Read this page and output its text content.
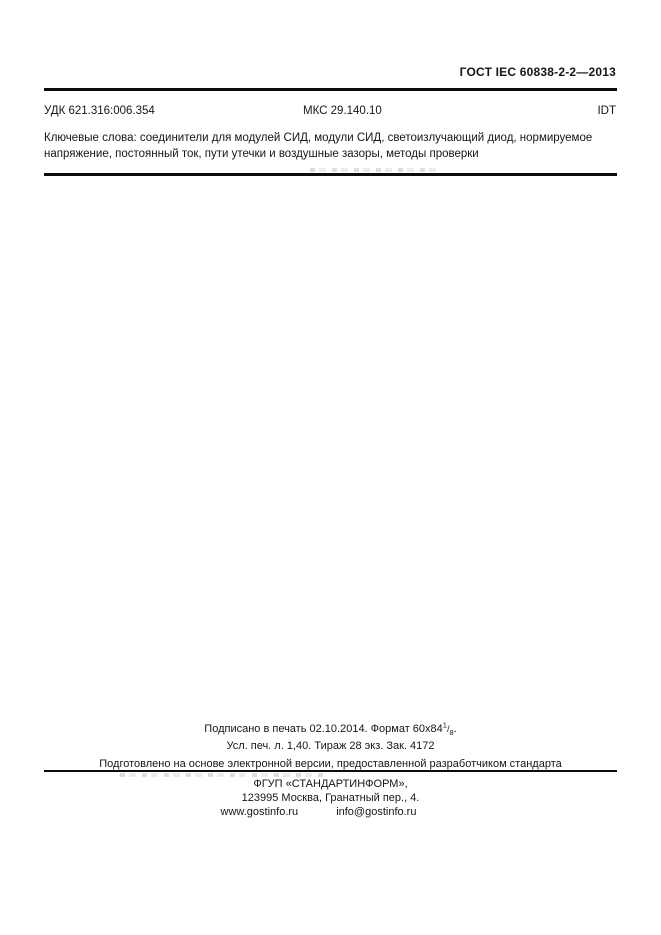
ГОСТ IEC 60838-2-2—2013
УДК 621.316:006.354	МКС 29.140.10	IDT
Ключевые слова: соединители для модулей СИД, модули СИД, светоизлучающий диод, нормируемое напряжение, постоянный ток, пути утечки и воздушные зазоры, методы проверки
Подписано в печать 02.10.2014. Формат $60х84^1/_8$.
Усл. печ. л. 1,40. Тираж 28 экз. Зак. 4172
Подготовлено на основе электронной версии, предоставленной разработчиком стандарта
ФГУП «СТАНДАРТИНФОРМ»,
123995 Москва, Гранатный пер., 4.
www.gostinfo.ru	info@gostinfo.ru
